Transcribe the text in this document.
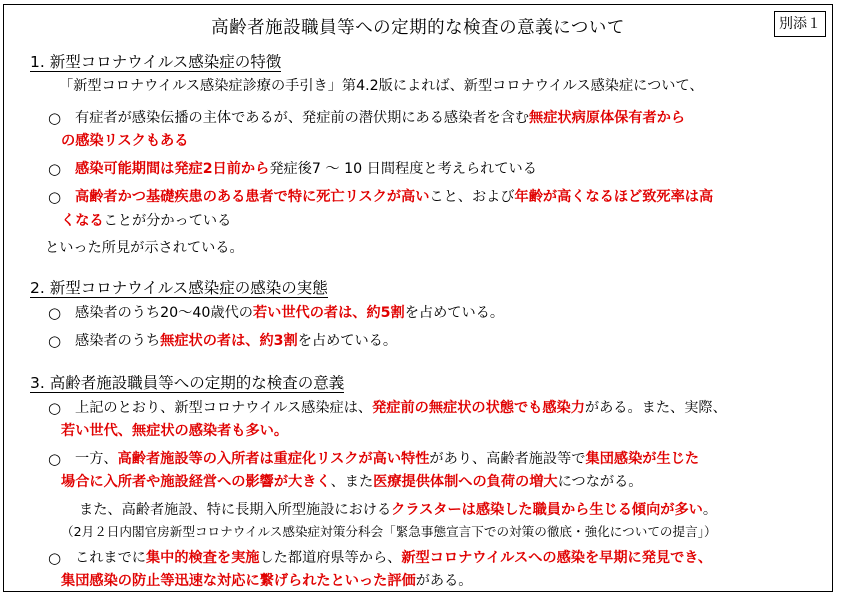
高齢者施設職員等への定期的な検査の意義について	別添１
1. 新型コロナウイルス感染症の特徴
「新型コロナウイルス感染症診療の手引き」第4.2版によれば、新型コロナウイルス感染症について、
○ 有症者が感染伝播の主体であるが、発症前の潜伏期にある感染者を含む無症状病原体保有者から
の感染リスクもある
○ 感染可能期間は発症2日前から発症後7 ～ 10 日間程度と考えられている
○ 高齢者かつ基礎疾患のある患者で特に死亡リスクが高いこと、および年齢が高くなるほど致死率は高
くなることが分かっている
といった所見が示されている。
2. 新型コロナウイルス感染症の感染の実態
○ 感染者のうち20～40歳代の若い世代の者は、約5割を占めている。
○ 感染者のうち無症状の者は、約3割を占めている。
3. 高齢者施設職員等への定期的な検査の意義
○ 上記のとおり、新型コロナウイルス感染症は、発症前の無症状の状態でも感染力がある。また、実際、
若い世代、無症状の感染者も多い。
○ 一方、高齢者施設等の入所者は重症化リスクが高い特性があり、高齢者施設等で集団感染が生じた
場合に入所者や施設経営への影響が大きく、また医療提供体制への負荷の増大につながる。
また、高齢者施設、特に長期入所型施設におけるクラスターは感染した職員から生じる傾向が多い。
（2月２日内閣官房新型コロナウイルス感染症対策分科会「緊急事態宣言下での対策の徹底・強化についての提言」）
○ これまでに集中的検査を実施した都道府県等から、新型コロナウイルスへの感染を早期に発見でき、
集団感染の防止等迅速な対応に繋げられたといった評価がある。
